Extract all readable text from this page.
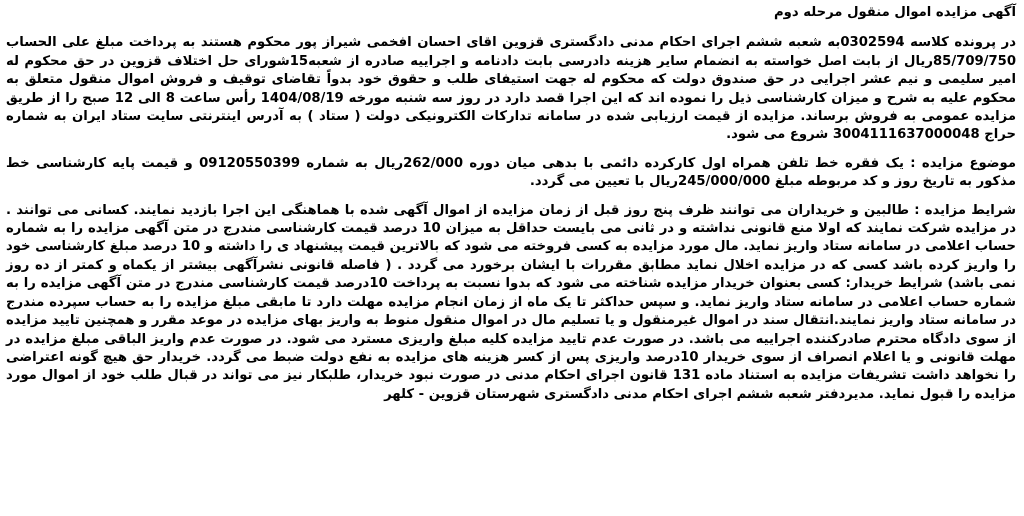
آگهی مزایده اموال منقول مرحله دوم
در پرونده کلاسه 0302594به شعبه ششم اجرای احکام مدنی دادگستری قزوین اقای احسان افخمی شیراز پور محکوم هستند به پرداخت مبلغ علی الحساب 85/709/750ریال از بابت اصل خواسته به انضمام سایر هزینه دادرسی بابت دادنامه و اجراییه صادره از شعبه15شورای حل اختلاف قزوین در حق محکوم له امیر سلیمی و نیم عشر اجرایی در حق صندوق دولت که محکوم له جهت استیفای طلب و حقوق خود بدواً تقاضای توقیف و فروش اموال منقول متعلق به محکوم علیه به شرح و میزان کارشناسی ذیل را نموده اند که این اجرا قصد دارد در روز سه شنبه مورخه 1404/08/19 رأس ساعت 8 الی 12 صبح را از طریق مزایده عمومی به فروش برساند. مزایده از قیمت ارزیابی شده در سامانه تدارکات الکترونیکی دولت ( ستاد ) به آدرس اینترنتی سایت ستاد ایران به شماره حراج 3004111637000048 شروع می شود.
موضوع مزایده : یک فقره خط تلفن همراه اول کارکرده دائمی با بدهی میان دوره 262/000ریال به شماره 09120550399 و قیمت پایه کارشناسی خط مذکور به تاریخ روز و کد مربوطه مبلغ 245/000/000ریال با تعیین می گردد.
شرایط مزایده : طالبین و خریداران می توانند ظرف پنج روز قبل از زمان مزایده از اموال آگهی شده با هماهنگی این اجرا بازدید نمایند. کسانی می توانند . در مزایده شرکت نمایند که اولا منع قانونی نداشته و در ثانی می بایست حداقل به میزان 10 درصد قیمت کارشناسی مندرج در متن آگهی مزایده را به شماره حساب اعلامی در سامانه ستاد واریز نماید. مال مورد مزایده به کسی فروخته می شود که بالاترین قیمت پیشنهاد ی را داشته و 10 درصد مبلغ کارشناسی خود را واریز کرده باشد کسی که در مزایده اخلال نماید مطابق مقررات با ایشان برخورد می گردد . ( فاصله قانونی نشرآگهی بیشتر از یکماه و کمتر از ده روز نمی باشد) شرایط خریدار: کسی بعنوان خریدار مزایده شناخته می شود که بدوا نسبت به پرداخت 10درصد قیمت کارشناسی مندرج در متن آگهی مزایده را به شماره حساب اعلامی در سامانه ستاد واریز نماید. و سپس حداکثر تا یک ماه از زمان انجام مزایده مهلت دارد تا مابقی مبلغ مزایده را به حساب سپرده مندرج در سامانه ستاد واریز نمایند.انتقال سند در اموال غیرمنقول و یا تسلیم مال در اموال منقول منوط به واریز بهای مزایده در موعد مقرر و همچنین تایید مزایده از سوی دادگاه محترم صادرکننده اجراییه می باشد. در صورت عدم تایید مزایده کلیه مبلغ واریزی مسترد می شود. در صورت عدم واریز الباقی مبلغ مزایده در مهلت قانونی و یا اعلام انصراف از سوی خریدار 10درصد واریزی پس از کسر هزینه های مزایده به نفع دولت ضبط می گردد. خریدار حق هیچ گونه اعتراضی را نخواهد داشت تشریفات مزایده به استناد ماده 131 قانون اجرای احکام مدنی در صورت نبود خریدار، طلبکار نیز می تواند در قبال طلب خود از اموال مورد مزایده را قبول نماید. مدیردفتر شعبه ششم اجرای احکام مدنی دادگستری شهرستان قزوین - کلهر
